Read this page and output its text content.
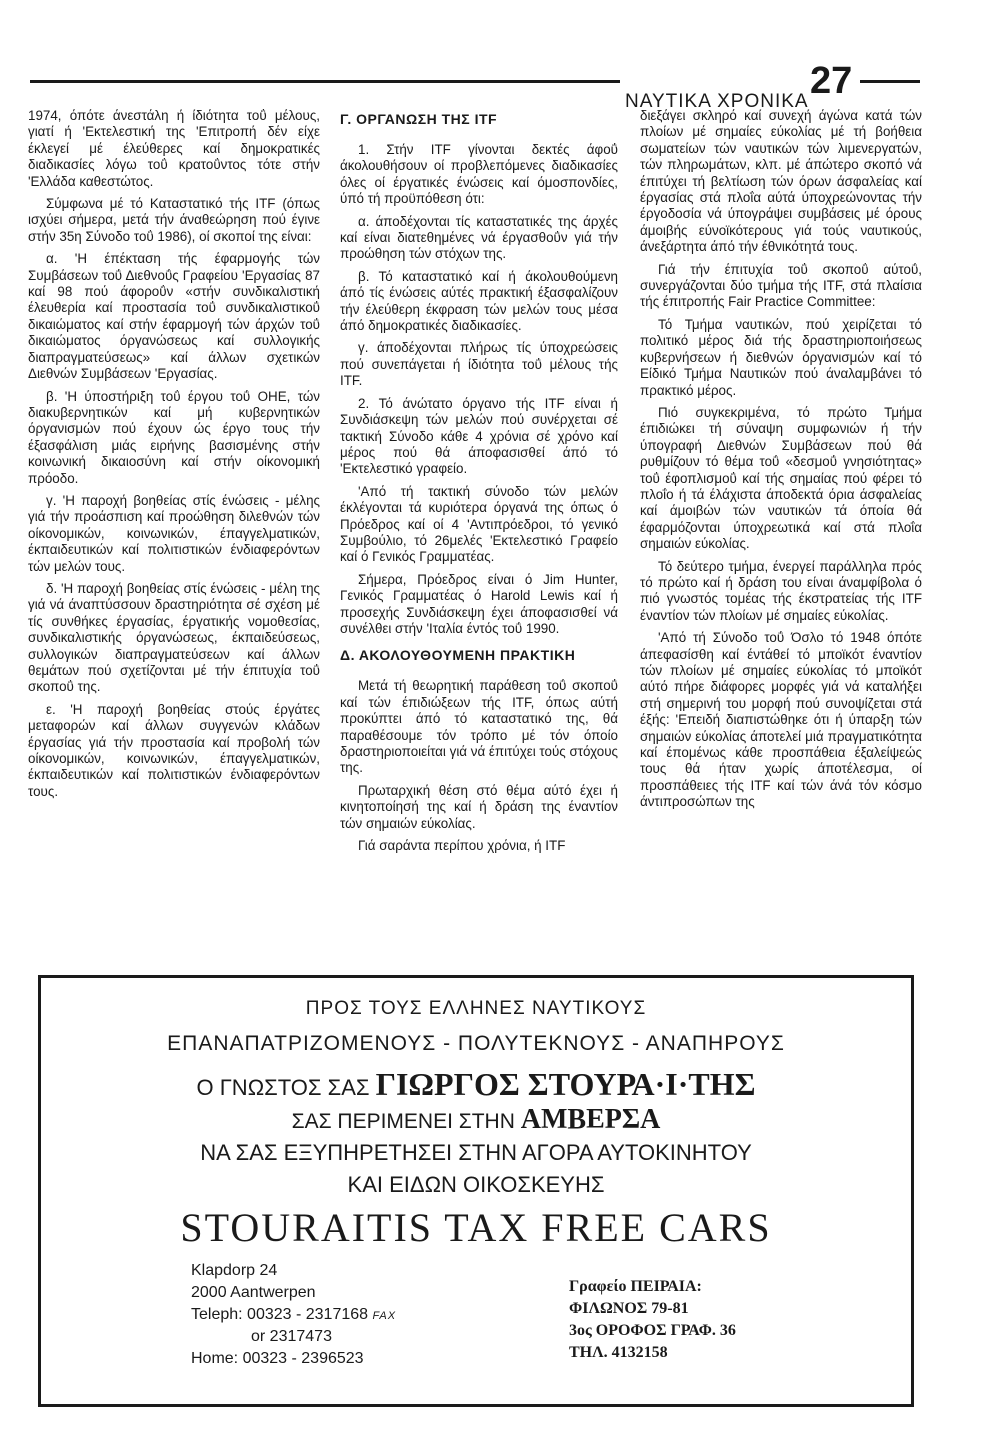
ΝΑΥΤΙΚΑ ΧΡΟΝΙΚΑ 27

1974, όπότε άνεστάλη ή ίδιότητα τοΰ μέλους, γιατί ή 'Εκτελεστική της 'Επιτροπή δέν είχε έκλεγεί μέ έλεύθερες καί δημοκρατικές διαδικασίες λόγω τοΰ κρατοΰντος τότε στήν 'Ελλάδα καθεστώτος.

Σύμφωνα μέ τό Καταστατικό τής ITF (όπως ισχύει σήμερα, μετά τήν άναθεώρηση πού έγινε στήν 35η Σύνοδο τοΰ 1986), οί σκοποί της είναι:

α. 'Η έπέκταση τής έφαρμογής τών Συμβάσεων τοΰ Διεθνοΰς Γραφείου 'Εργασίας 87 καί 98 πού άφοροΰν «στήν συνδικαλιστική έλευθερία καί προστασία τοΰ συνδικαλιστικοΰ δικαιώματος καί στήν έφαρμογή τών άρχών τοΰ δικαιώματος όργανώσεως καί συλλογικής διαπραγματεύσεως» καί άλλων σχετικών Διεθνών Συμβάσεων 'Εργασίας.

β. 'Η ύποστήριξη τοΰ έργου τοΰ ΟΗΕ, τών διακυβερνητικών καί μή κυβερνητικών όργανισμών πού έχουν ώς έργο τους τήν έξασφάλιση μιάς ειρήνης βασισμένης στήν κοινωνική δικαιοσύνη καί στήν οίκονομική πρόοδο.

γ. 'Η παροχή βοηθείας στίς ένώσεις - μέλης γιά τήν προάσπιση καί προώθηση διλεθνών τών οίκονομικών, κοινωνικών, έπαγγελματικών, έκπαιδευτικών καί πολιτιστικών ένδιαφερόντων τών μελών τους.

δ. 'Η παροχή βοηθείας στίς ένώσεις - μέλη της γιά νά άναπτύσσουν δραστηριότητα σέ σχέση μέ τίς συνθήκες έργασίας, έργατικής νομοθεσίας, συνδικαλιστικής όργανώσεως, έκπαιδεύσεως, συλλογικών διαπραγματεύσεων καί άλλων θεμάτων πού σχετίζονται μέ τήν έπιτυχία τοΰ σκοποΰ της.

ε. 'Η παροχή βοηθείας στούς έργάτες μεταφορών καί άλλων συγγενών κλάδων έργασίας γιά τήν προστασία καί προβολή τών οίκονομικών, κοινωνικών, έπαγγελματικών, έκπαιδευτικών καί πολιτιστικών ένδιαφερόντων τους.

Γ. ΟΡΓΑΝΩΣΗ ΤΗΣ ITF

1. Στήν ITF γίνονται δεκτές άφοΰ άκολουθήσουν οί προβλεπόμενες διαδικασίες όλες οί έργατικές ένώσεις καί όμοσπονδίες, ύπό τή προϋπόθεση ότι:

α. άποδέχονται τίς καταστατικές της άρχές καί είναι διατεθημένες νά έργασθοΰν γιά τήν προώθηση τών στόχων της.

β. Τό καταστατικό καί ή άκολουθούμενη άπό τίς ένώσεις αύτές πρακτική έξασφαλίζουν τήν έλεύθερη έκφραση τών μελών τους μέσα άπό δημοκρατικές διαδικασίες.

γ. άποδέχονται πλήρως τίς ύποχρεώσεις πού συνεπάγεται ή ίδιότητα τοΰ μέλους τής ITF.

2. Τό άνώτατο όργανο τής ITF είναι ή Συνδιάσκεψη τών μελών πού συνέρχεται σέ τακτική Σύνοδο κάθε 4 χρόνια σέ χρόνο καί μέρος πού θά άποφασισθεί άπό τό 'Εκτελεστικό γραφείο.

'Από τή τακτική σύνοδο τών μελών έκλέγονται τά κυριότερα όργανά της όπως ό Πρόεδρος καί οί 4 'Αντιπρόεδροι, τό γενικό Συμβούλιο, τό 26μελές 'Εκτελεστικό Γραφείο καί ό Γενικός Γραμματέας.

Σήμερα, Πρόεδρος είναι ό Jim Hunter, Γενικός Γραμματέας ό Harold Lewis καί ή προσεχής Συνδιάσκεψη έχει άποφασισθεί νά συνέλθει στήν 'Ιταλία έντός τοΰ 1990.

Δ. ΑΚΟΛΟΥΘΟΥΜΕΝΗ ΠΡΑΚΤΙΚΗ

Μετά τή θεωρητική παράθεση τοΰ σκοποΰ καί τών έπιδιώξεων τής ITF, όπως αύτή προκύπτει άπό τό καταστατικό της, θά παραθέσουμε τόν τρόπο μέ τόν όποίο δραστηριοποιείται γιά νά έπιτύχει τούς στόχους της.

Πρωταρχική θέση στό θέμα αύτό έχει ή κινητοποίησή της καί ή δράση της έναντίον τών σημαιών εύκολίας.

Γιά σαράντα περίπου χρόνια, ή ITF

διεξάγει σκληρό καί συνεχή άγώνα κατά τών πλοίων μέ σημαίες εύκολίας μέ τή βοήθεια σωματείων τών ναυτικών τών λιμενεργατών, τών πληρωμάτων, κλπ. μέ άπώτερο σκοπό νά έπιτύχει τή βελτίωση τών όρων άσφαλείας καί έργασίας στά πλοΐα αύτά ύποχρεώνοντας τήν έργοδοσία νά ύπογράψει συμβάσεις μέ όρους άμοιβής εύνοϊκότερους γιά τούς ναυτικούς, άνεξάρτητα άπό τήν έθνικότητά τους.

Γιά τήν έπιτυχία τοΰ σκοποΰ αύτοΰ, συνεργάζονται δύο τμήμα τής ITF, στά πλαίσια τής έπιτροπής Fair Practice Committee:

Τό Τμήμα ναυτικών, πού χειρίζεται τό πολιτικό μέρος διά τής δραστηριοποιήσεως κυβερνήσεων ή διεθνών όργανισμών καί τό Είδικό Τμήμα Ναυτικών πού άναλαμβάνει τό πρακτικό μέρος.

Πιό συγκεκριμένα, τό πρώτο Τμήμα έπιδιώκει τή σύναψη συμφωνιών ή τήν ύπογραφή Διεθνών Συμβάσεων πού θά ρυθμίζουν τό θέμα τοΰ «δεσμοΰ γνησιότητας» τοΰ έφοπλισμοΰ καί τής σημαίας πού φέρει τό πλοΐο ή τά έλάχιστα άποδεκτά όρια άσφαλείας καί άμοιβών τών ναυτικών τά όποία θά έφαρμόζονται ύποχρεωτικά καί στά πλοΐα σημαιών εύκολίας.

Τό δεύτερο τμήμα, ένεργεί παράλληλα πρός τό πρώτο καί ή δράση του είναι άναμφίβολα ό πιό γνωστός τομέας τής έκστρατείας τής ITF έναντίον τών πλοίων μέ σημαίες εύκολίας.

'Από τή Σύνοδο τοΰ Όσλο τό 1948 όπότε άπεφασίσθη καί έντάθεί τό μποϊκότ έναντίον τών πλοίων μέ σημαίες εύκολίας τό μποϊκότ αύτό πήρε διάφορες μορφές γιά νά καταλήξει στή σημερινή του μορφή πού συνοψίζεται στά έξής: 'Επειδή διαπιστώθηκε ότι ή ύπαρξη τών σημαιών εύκολίας άποτελεί μιά πραγματικότητα καί έπομένως κάθε προσπάθεια έξαλείψεώς τους θά ήταν χωρίς άποτέλεσμα, οί προσπάθειες τής ITF καί τών άνά τόν κόσμο άντιπροσώπων της

ΠΡΟΣ ΤΟΥΣ ΕΛΛΗΝΕΣ ΝΑΥΤΙΚΟΥΣ
ΕΠΑΝΑΠΑΤΡΙΖΟΜΕΝΟΥΣ - ΠΟΛΥΤΕΚΝΟΥΣ - ΑΝΑΠΗΡΟΥΣ
Ο ΓΝΩΣΤΟΣ ΣΑΣ ΓΙΩΡΓΟΣ ΣΤΟΥΡΑ·Ι·ΤΗΣ
ΣΑΣ ΠΕΡΙΜΕΝΕΙ ΣΤΗΝ ΑΜΒΕΡΣΑ
ΝΑ ΣΑΣ ΕΞΥΠΗΡΕΤΗΣΕΙ ΣΤΗΝ ΑΓΟΡΑ ΑΥΤΟΚΙΝΗΤΟΥ
ΚΑΙ ΕΙΔΩΝ ΟΙΚΟΣΚΕΥΗΣ
STOURAITIS TAX FREE CARS
Klapdorp 24
2000 Aantwerpen
Teleph: 00323 - 2317168 FAX
or 2317473
Home: 00323 - 2396523
Γραφείο ΠΕΙΡΑΙΑ:
ΦΙΛΩΝΟΣ 79-81
3ος ΟΡΟΦΟΣ ΓΡΑΦ. 36
ΤΗΛ. 4132158
